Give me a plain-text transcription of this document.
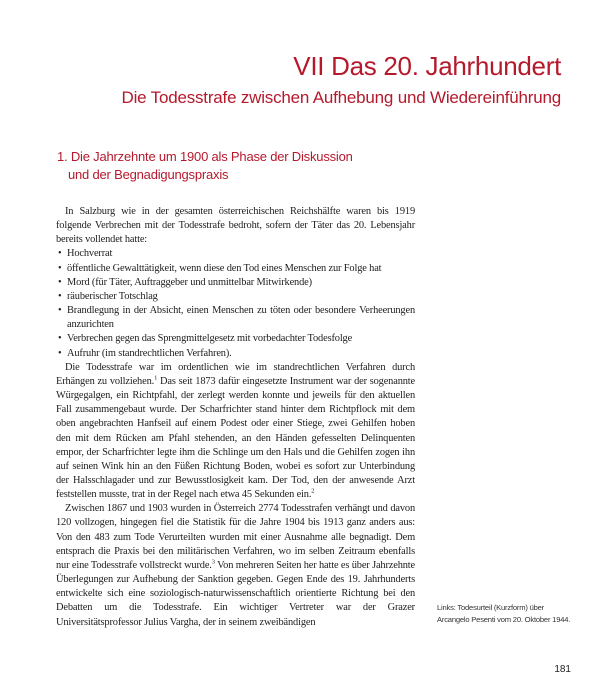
VII Das 20. Jahrhundert
Die Todesstrafe zwischen Aufhebung und Wiedereinführung
1. Die Jahrzehnte um 1900 als Phase der Diskussion
und der Begnadigungspraxis

In Salzburg wie in der gesamten österreichischen Reichshälfte waren bis 1919 folgende Verbrechen mit der Todesstrafe bedroht, sofern der Täter das 20. Lebensjahr bereits vollendet hatte:

• Hochverrat
• öffentliche Gewalttätigkeit, wenn diese den Tod eines Menschen zur Folge hat
• Mord (für Täter, Auftraggeber und unmittelbar Mitwirkende)
• räuberischer Totschlag
• Brandlegung in der Absicht, einen Menschen zu töten oder besondere Verheerungen anzurichten
• Verbrechen gegen das Sprengmittelgesetz mit vorbedachter Todesfolge
• Aufruhr (im standrechtlichen Verfahren).

Die Todesstrafe war im ordentlichen wie im standrechtlichen Verfahren durch Erhängen zu vollziehen.$^1$ Das seit 1873 dafür eingesetzte Instrument war der sogenannte Würgegalgen, ein Richtpfahl, der zerlegt werden konnte und jeweils für den aktuellen Fall zusammengebaut wurde. Der Scharfrichter stand hinter dem Richtpflock mit dem oben angebrachten Hanfseil auf einem Podest oder einer Stiege, zwei Gehilfen hoben den mit dem Rücken am Pfahl stehenden, an den Händen gefesselten Delinquenten empor, der Scharfrichter legte ihm die Schlinge um den Hals und die Gehilfen zogen ihn auf seinen Wink hin an den Füßen Richtung Boden, wobei es sofort zur Unterbindung der Halsschlagader und zur Bewusstlosigkeit kam. Der Tod, den der anwesende Arzt feststellen musste, trat in der Regel nach etwa 45 Sekunden ein.$^2$

Zwischen 1867 und 1903 wurden in Österreich 2774 Todesstrafen verhängt und davon 120 vollzogen, hingegen fiel die Statistik für die Jahre 1904 bis 1913 ganz anders aus: Von den 483 zum Tode Verurteilten wurden mit einer Ausnahme alle begnadigt. Dem entsprach die Praxis bei den militärischen Verfahren, wo im selben Zeitraum ebenfalls nur eine Todesstrafe vollstreckt wurde.$^3$ Von mehreren Seiten her hatte es über Jahrzehnte Überlegungen zur Aufhebung der Sanktion gegeben. Gegen Ende des 19. Jahrhunderts entwickelte sich eine soziologisch-naturwissenschaftlich orientierte Richtung bei den Debatten um die Todesstrafe. Ein wichtiger Vertreter war der Grazer Universitätsprofessor Julius Vargha, der in seinem zweibändigen

Links: Todesurteil (Kurzform) über
Arcangelo Pesenti vom 20. Oktober 1944.
181
